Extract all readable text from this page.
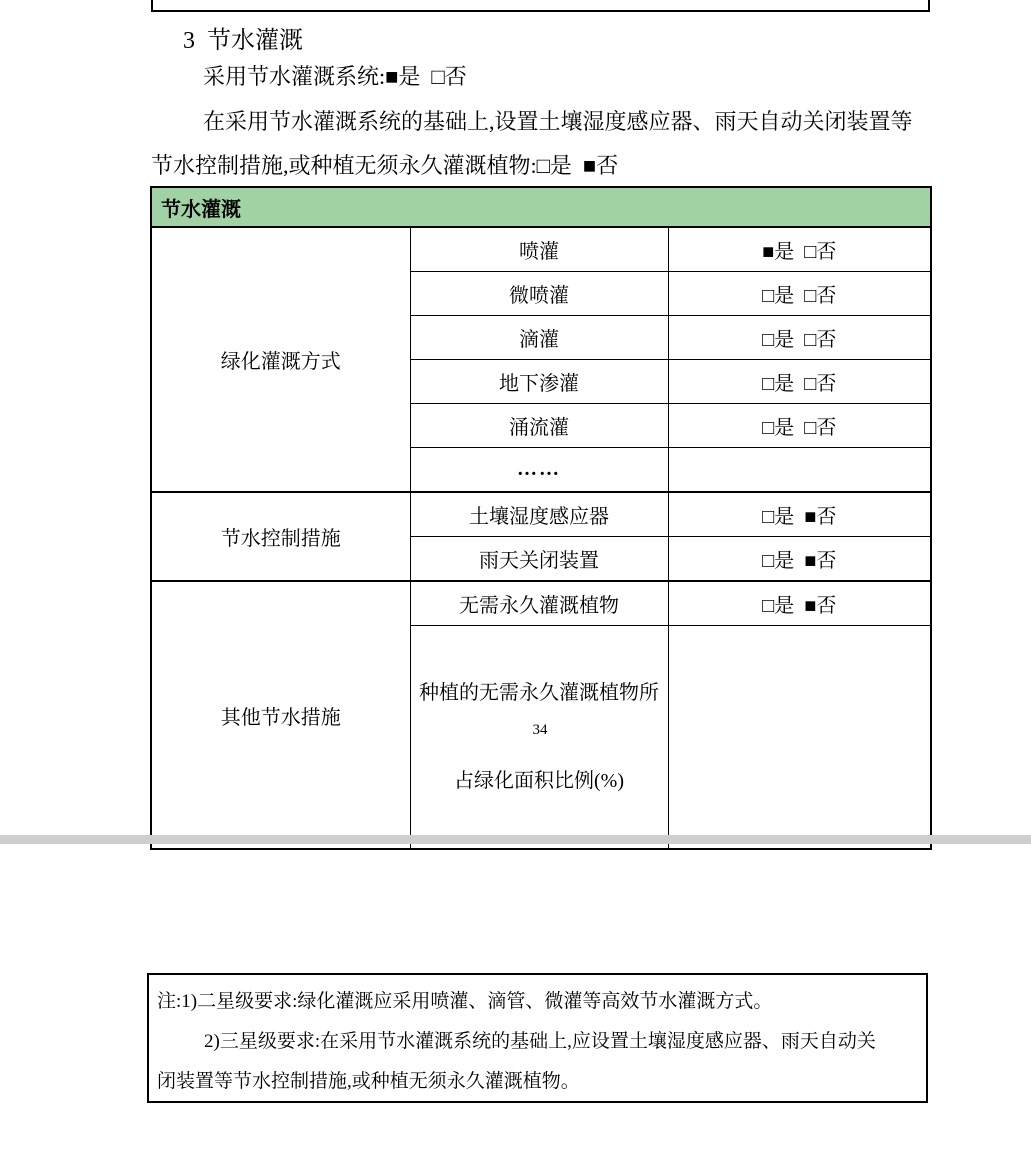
3  节水灌溉
采用节水灌溉系统:■是  □否
在采用节水灌溉系统的基础上,设置土壤湿度感应器、雨天自动关闭装置等
节水控制措施,或种植无须永久灌溉植物:□是  ■否
节水灌溉		
绿化灌溉方式	喷灌	■是  □否
	微喷灌	□是  □否
	滴灌	□是  □否
	地下渗灌	□是  □否
	涌流灌	□是  □否
	……	
节水控制措施	土壤湿度感应器	□是  ■否
	雨天关闭装置	□是  ■否
其他节水措施	无需永久灌溉植物	□是  ■否

	种植的无需永久灌溉植物所

占绿化面积比例(%)	

34
注:1)二星级要求:绿化灌溉应采用喷灌、滴管、微灌等高效节水灌溉方式。
2)三星级要求:在采用节水灌溉系统的基础上,应设置土壤湿度感应器、雨天自动关
闭装置等节水控制措施,或种植无须永久灌溉植物。
